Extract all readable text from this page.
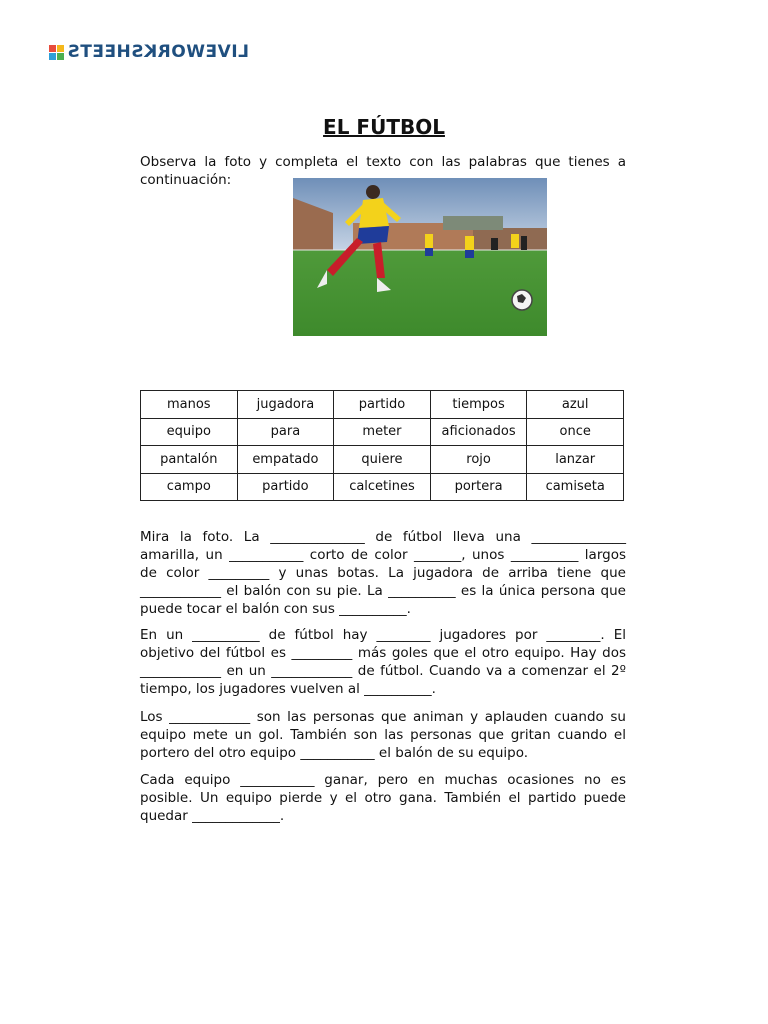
LIVEWORKSHEETS
EL FÚTBOL
Observa la foto y completa el texto con las palabras que tienes a continuación:
manos	jugadora	partido	tiempos	azul
equipo	para	meter	aficionados	once
pantalón	empatado	quiere	rojo	lanzar
campo	partido	calcetines	portera	camiseta
Mira la foto. La ______________ de fútbol lleva una ______________ amarilla, un ___________ corto de color _______, unos __________ largos de color _________ y unas botas. La jugadora de arriba tiene que ____________ el balón con su pie. La __________ es la única persona que puede tocar el balón con sus __________.
En un __________ de fútbol hay ________ jugadores por ________. El objetivo del fútbol es _________ más goles que el otro equipo. Hay dos ____________ en un ____________ de fútbol. Cuando va a comenzar el 2º tiempo, los jugadores vuelven al __________.
Los ____________ son las personas que animan y aplauden cuando su equipo mete un gol. También son las personas que gritan cuando el portero del otro equipo ___________ el balón de su equipo.
Cada equipo ___________ ganar, pero en muchas ocasiones no es posible. Un equipo pierde y el otro gana. También el partido puede quedar _____________.
